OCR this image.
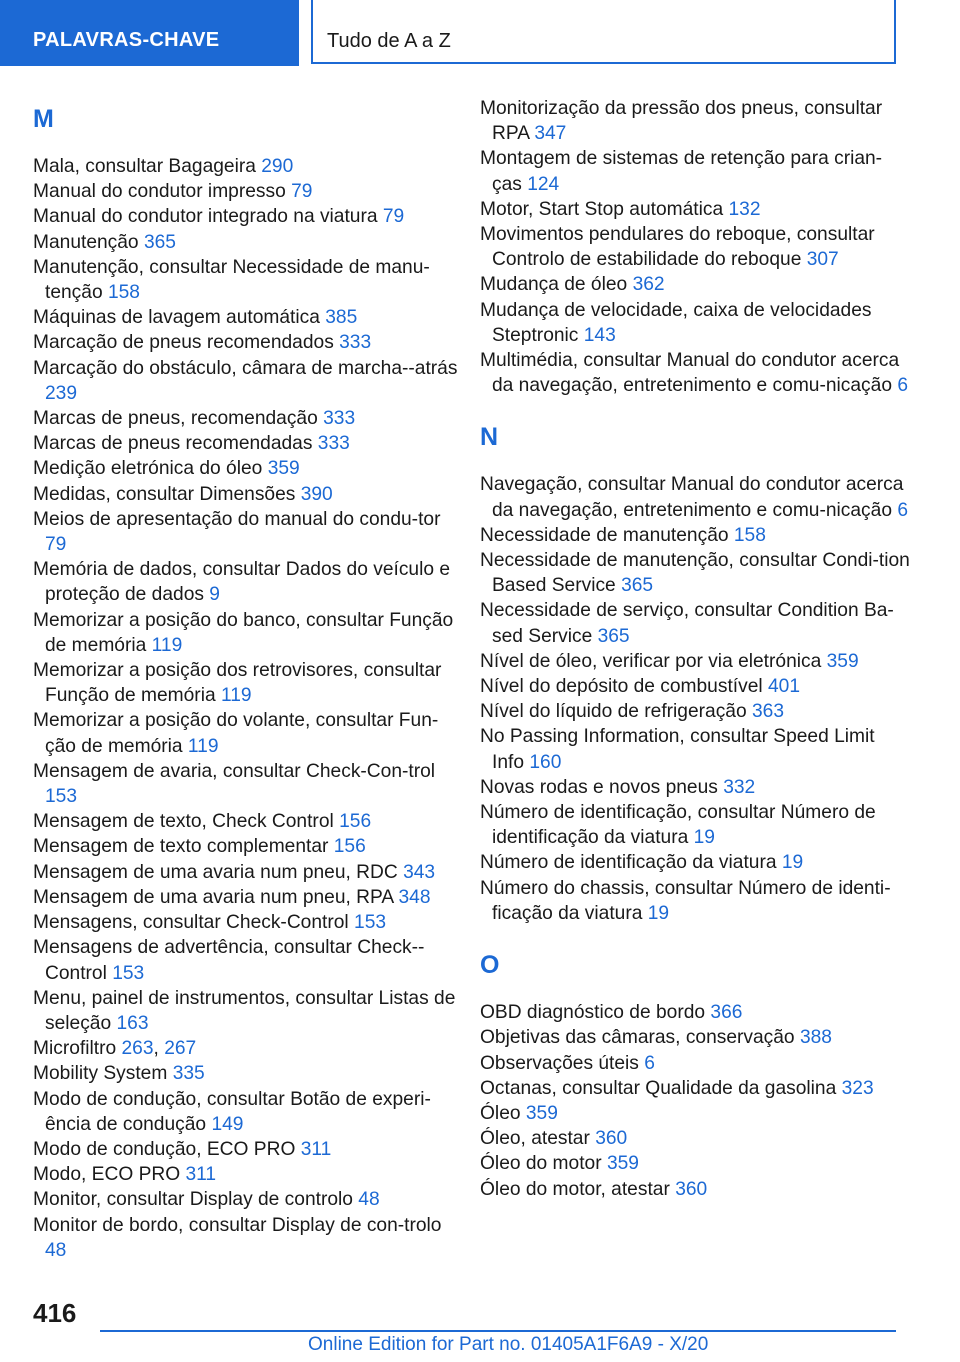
PALAVRAS-CHAVE	Tudo de A a Z
M
Mala, consultar Bagageira 290
Manual do condutor impresso 79
Manual do condutor integrado na viatura 79
Manutenção 365
Manutenção, consultar Necessidade de manu-tenção 158
Máquinas de lavagem automática 385
Marcação de pneus recomendados 333
Marcação do obstáculo, câmara de marcha--atrás 239
Marcas de pneus, recomendação 333
Marcas de pneus recomendadas 333
Medição eletrónica do óleo 359
Medidas, consultar Dimensões 390
Meios de apresentação do manual do condu-tor 79
Memória de dados, consultar Dados do veículo e proteção de dados 9
Memorizar a posição do banco, consultar Função de memória 119
Memorizar a posição dos retrovisores, consultar Função de memória 119
Memorizar a posição do volante, consultar Fun-ção de memória 119
Mensagem de avaria, consultar Check-Con-trol 153
Mensagem de texto, Check Control 156
Mensagem de texto complementar 156
Mensagem de uma avaria num pneu, RDC 343
Mensagem de uma avaria num pneu, RPA 348
Mensagens, consultar Check-Control 153
Mensagens de advertência, consultar Check--Control 153
Menu, painel de instrumentos, consultar Listas de seleção 163
Microfiltro 263, 267
Mobility System 335
Modo de condução, consultar Botão de experi-ência de condução 149
Modo de condução, ECO PRO 311
Modo, ECO PRO 311
Monitor, consultar Display de controlo 48
Monitor de bordo, consultar Display de con-trolo 48
Monitorização da pressão dos pneus, consultar RPA 347
Montagem de sistemas de retenção para crian-ças 124
Motor, Start Stop automática 132
Movimentos pendulares do reboque, consultar Controlo de estabilidade do reboque 307
Mudança de óleo 362
Mudança de velocidade, caixa de velocidades Steptronic 143
Multimédia, consultar Manual do condutor acerca da navegação, entretenimento e comu-nicação 6
N
Navegação, consultar Manual do condutor acerca da navegação, entretenimento e comu-nicação 6
Necessidade de manutenção 158
Necessidade de manutenção, consultar Condi-tion Based Service 365
Necessidade de serviço, consultar Condition Ba-sed Service 365
Nível de óleo, verificar por via eletrónica 359
Nível do depósito de combustível 401
Nível do líquido de refrigeração 363
No Passing Information, consultar Speed Limit Info 160
Novas rodas e novos pneus 332
Número de identificação, consultar Número de identificação da viatura 19
Número de identificação da viatura 19
Número do chassis, consultar Número de identi-ficação da viatura 19
O
OBD diagnóstico de bordo 366
Objetivas das câmaras, conservação 388
Observações úteis 6
Octanas, consultar Qualidade da gasolina 323
Óleo 359
Óleo, atestar 360
Óleo do motor 359
Óleo do motor, atestar 360
416
Online Edition for Part no. 01405A1F6A9 - X/20
